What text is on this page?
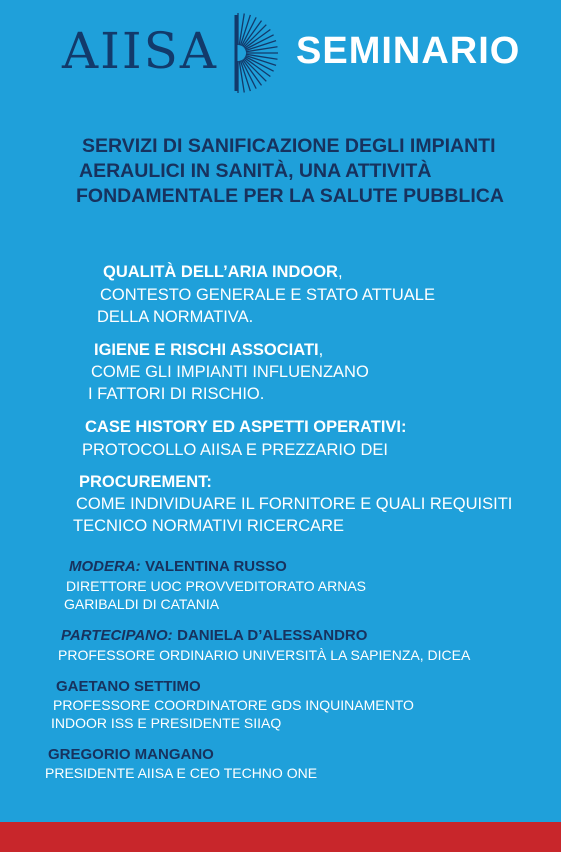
AIISA SEMINARIO
SERVIZI DI SANIFICAZIONE DEGLI IMPIANTI
AERAULICI IN SANITÀ, UNA ATTIVITÀ
FONDAMENTALE PER LA SALUTE PUBBLICA
QUALITÀ DELL’ARIA INDOOR,
CONTESTO GENERALE E STATO ATTUALE
DELLA NORMATIVA.
IGIENE E RISCHI ASSOCIATI,
COME GLI IMPIANTI INFLUENZANO
I FATTORI DI RISCHIO.
CASE HISTORY ED ASPETTI OPERATIVI:
PROTOCOLLO AIISA E PREZZARIO DEI
PROCUREMENT:
COME INDIVIDUARE IL FORNITORE E QUALI REQUISITI
TECNICO NORMATIVI RICERCARE
MODERA: VALENTINA RUSSO
DIRETTORE UOC PROVVEDITORATO ARNAS
GARIBALDI DI CATANIA
PARTECIPANO: DANIELA D’ALESSANDRO
PROFESSORE ORDINARIO UNIVERSITÀ LA SAPIENZA, DICEA
GAETANO SETTIMO
PROFESSORE COORDINATORE GDS INQUINAMENTO
INDOOR ISS E PRESIDENTE SIIAQ
GREGORIO MANGANO
PRESIDENTE AIISA E CEO TECHNO ONE
